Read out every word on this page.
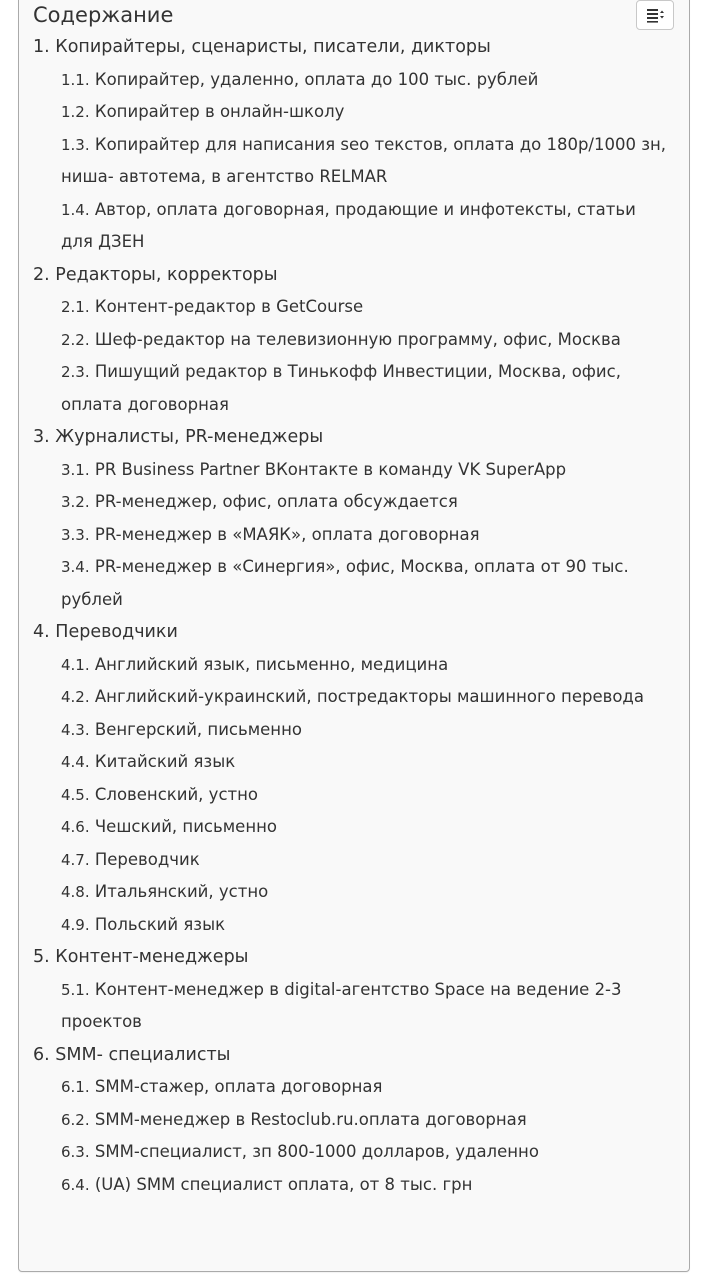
Содержание
1. Копирайтеры, сценаристы, писатели, дикторы
1.1. Копирайтер, удаленно, оплата до 100 тыс. рублей
1.2. Копирайтер в онлайн-школу
1.3. Копирайтер для написания seo текстов, оплата до 180р/1000 зн, ниша- автотема, в агентство RELMAR
1.4. Автор, оплата договорная, продающие и инфотексты, статьи для ДЗЕН
2. Редакторы, корректоры
2.1. Контент-редактор в GetCourse
2.2. Шеф-редактор на телевизионную программу, офис, Москва
2.3. Пишущий редактор в Тинькофф Инвестиции, Москва, офис, оплата договорная
3. Журналисты, PR-менеджеры
3.1. PR Business Partner ВКонтакте в команду VK SuperApp
3.2. PR-менеджер, офис, оплата обсуждается
3.3. PR-менеджер в «МАЯК», оплата договорная
3.4. PR-менеджер в «Синергия», офис, Москва, оплата от 90 тыс. рублей
4. Переводчики
4.1. Английский язык, письменно, медицина
4.2. Английский-украинский, постредакторы машинного перевода
4.3. Венгерский, письменно
4.4. Китайский язык
4.5. Словенский, устно
4.6. Чешский, письменно
4.7. Переводчик
4.8. Итальянский, устно
4.9. Польский язык
5. Контент-менеджеры
5.1. Контент-менеджер в digital-агентство Space на ведение 2-3 проектов
6. SMM- специалисты
6.1. SMM-стажер, оплата договорная
6.2. SMM-менеджер в Restoclub.ru.оплата договорная
6.3. SMM-специалист, зп 800-1000 долларов, удаленно
6.4. (UA) SMM специалист оплата, от 8 тыс. грн
